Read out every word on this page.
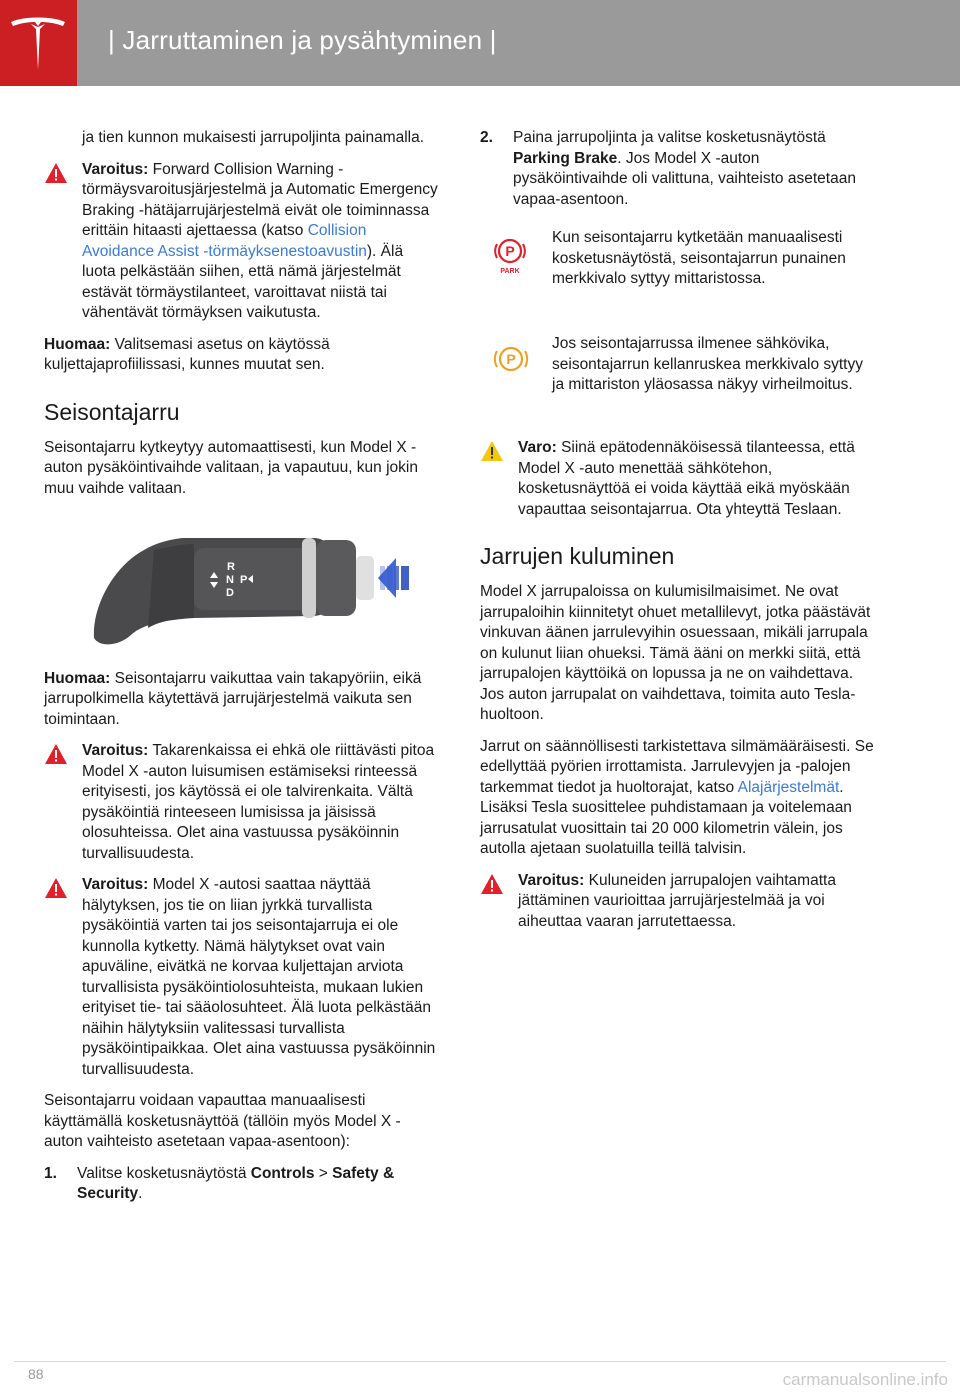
| Jarruttaminen ja pysähtyminen |

ja tien kunnon mukaisesti jarrupoljinta painamalla.

Varoitus: Forward Collision Warning -törmäysvaroitusjärjestelmä ja Automatic Emergency Braking -hätäjarrujärjestelmä eivät ole toiminnassa erittäin hitaasti ajettaessa (katso Collision Avoidance Assist -törmäyksenestoavustin). Älä luota pelkästään siihen, että nämä järjestelmät estävät törmäystilanteet, varoittavat niistä tai vähentävät törmäyksen vaikutusta.

Huomaa: Valitsemasi asetus on käytössä kuljettajaprofiilissasi, kunnes muutat sen.

Seisontajarru

Seisontajarru kytkeytyy automaattisesti, kun Model X -auton pysäköintivaihde valitaan, ja vapautuu, kun jokin muu vaihde valitaan.

R
N
D
P

Huomaa: Seisontajarru vaikuttaa vain takapyöriin, eikä jarrupolkimella käytettävä jarrujärjestelmä vaikuta sen toimintaan.

Varoitus: Takarenkaissa ei ehkä ole riittävästi pitoa Model X -auton luisumisen estämiseksi rinteessä erityisesti, jos käytössä ei ole talvirenkaita. Vältä pysäköintiä rinteeseen lumisissa ja jäisissä olosuhteissa. Olet aina vastuussa pysäköinnin turvallisuudesta.
Varoitus: Model X -autosi saattaa näyttää hälytyksen, jos tie on liian jyrkkä turvallista pysäköintiä varten tai jos seisontajarruja ei ole kunnolla kytketty. Nämä hälytykset ovat vain apuväline, eivätkä ne korvaa kuljettajan arviota turvallisista pysäköintiolosuhteista, mukaan lukien erityiset tie- tai sääolosuhteet. Älä luota pelkästään näihin hälytyksiin valitessasi turvallista pysäköintipaikkaa. Olet aina vastuussa pysäköinnin turvallisuudesta.

Seisontajarru voidaan vapauttaa manuaalisesti käyttämällä kosketusnäyttöä (tällöin myös Model X -auton vaihteisto asetetaan vapaa-asentoon):

1. Valitse kosketusnäytöstä Controls > Safety & Security.
2. Paina jarrupoljinta ja valitse kosketusnäytöstä Parking Brake. Jos Model X -auton pysäköintivaihde oli valittuna, vaihteisto asetetaan vapaa-asentoon.
P
PARK
Kun seisontajarru kytketään manuaalisesti kosketusnäytöstä, seisontajarrun punainen merkkivalo syttyy mittaristossa.
P
Jos seisontajarrussa ilmenee sähkövika, seisontajarrun kellanruskea merkkivalo syttyy ja mittariston yläosassa näkyy virheilmoitus.
Varo: Siinä epätodennäköisessä tilanteessa, että Model X -auto menettää sähkötehon, kosketusnäyttöä ei voida käyttää eikä myöskään vapauttaa seisontajarrua. Ota yhteyttä Teslaan.
Jarrujen kuluminen

Model X jarrupaloissa on kulumisilmaisimet. Ne ovat jarrupaloihin kiinnitetyt ohuet metallilevyt, jotka päästävät vinkuvan äänen jarrulevyihin osuessaan, mikäli jarrupala on kulunut liian ohueksi. Tämä ääni on merkki siitä, että jarrupalojen käyttöikä on lopussa ja ne on vaihdettava. Jos auton jarrupalat on vaihdettava, toimita auto Tesla-huoltoon.

Jarrut on säännöllisesti tarkistettava silmämääräisesti. Se edellyttää pyörien irrottamista. Jarrulevyjen ja -palojen tarkemmat tiedot ja huoltorajat, katso Alajärjestelmät. Lisäksi Tesla suosittelee puhdistamaan ja voitelemaan jarrusatulat vuosittain tai 20 000 kilometrin välein, jos autolla ajetaan suolatuilla teillä talvisin.

Varoitus: Kuluneiden jarrupalojen vaihtamatta jättäminen vaurioittaa jarrujärjestelmää ja voi aiheuttaa vaaran jarrutettaessa.
88	carmanualsonline.info
